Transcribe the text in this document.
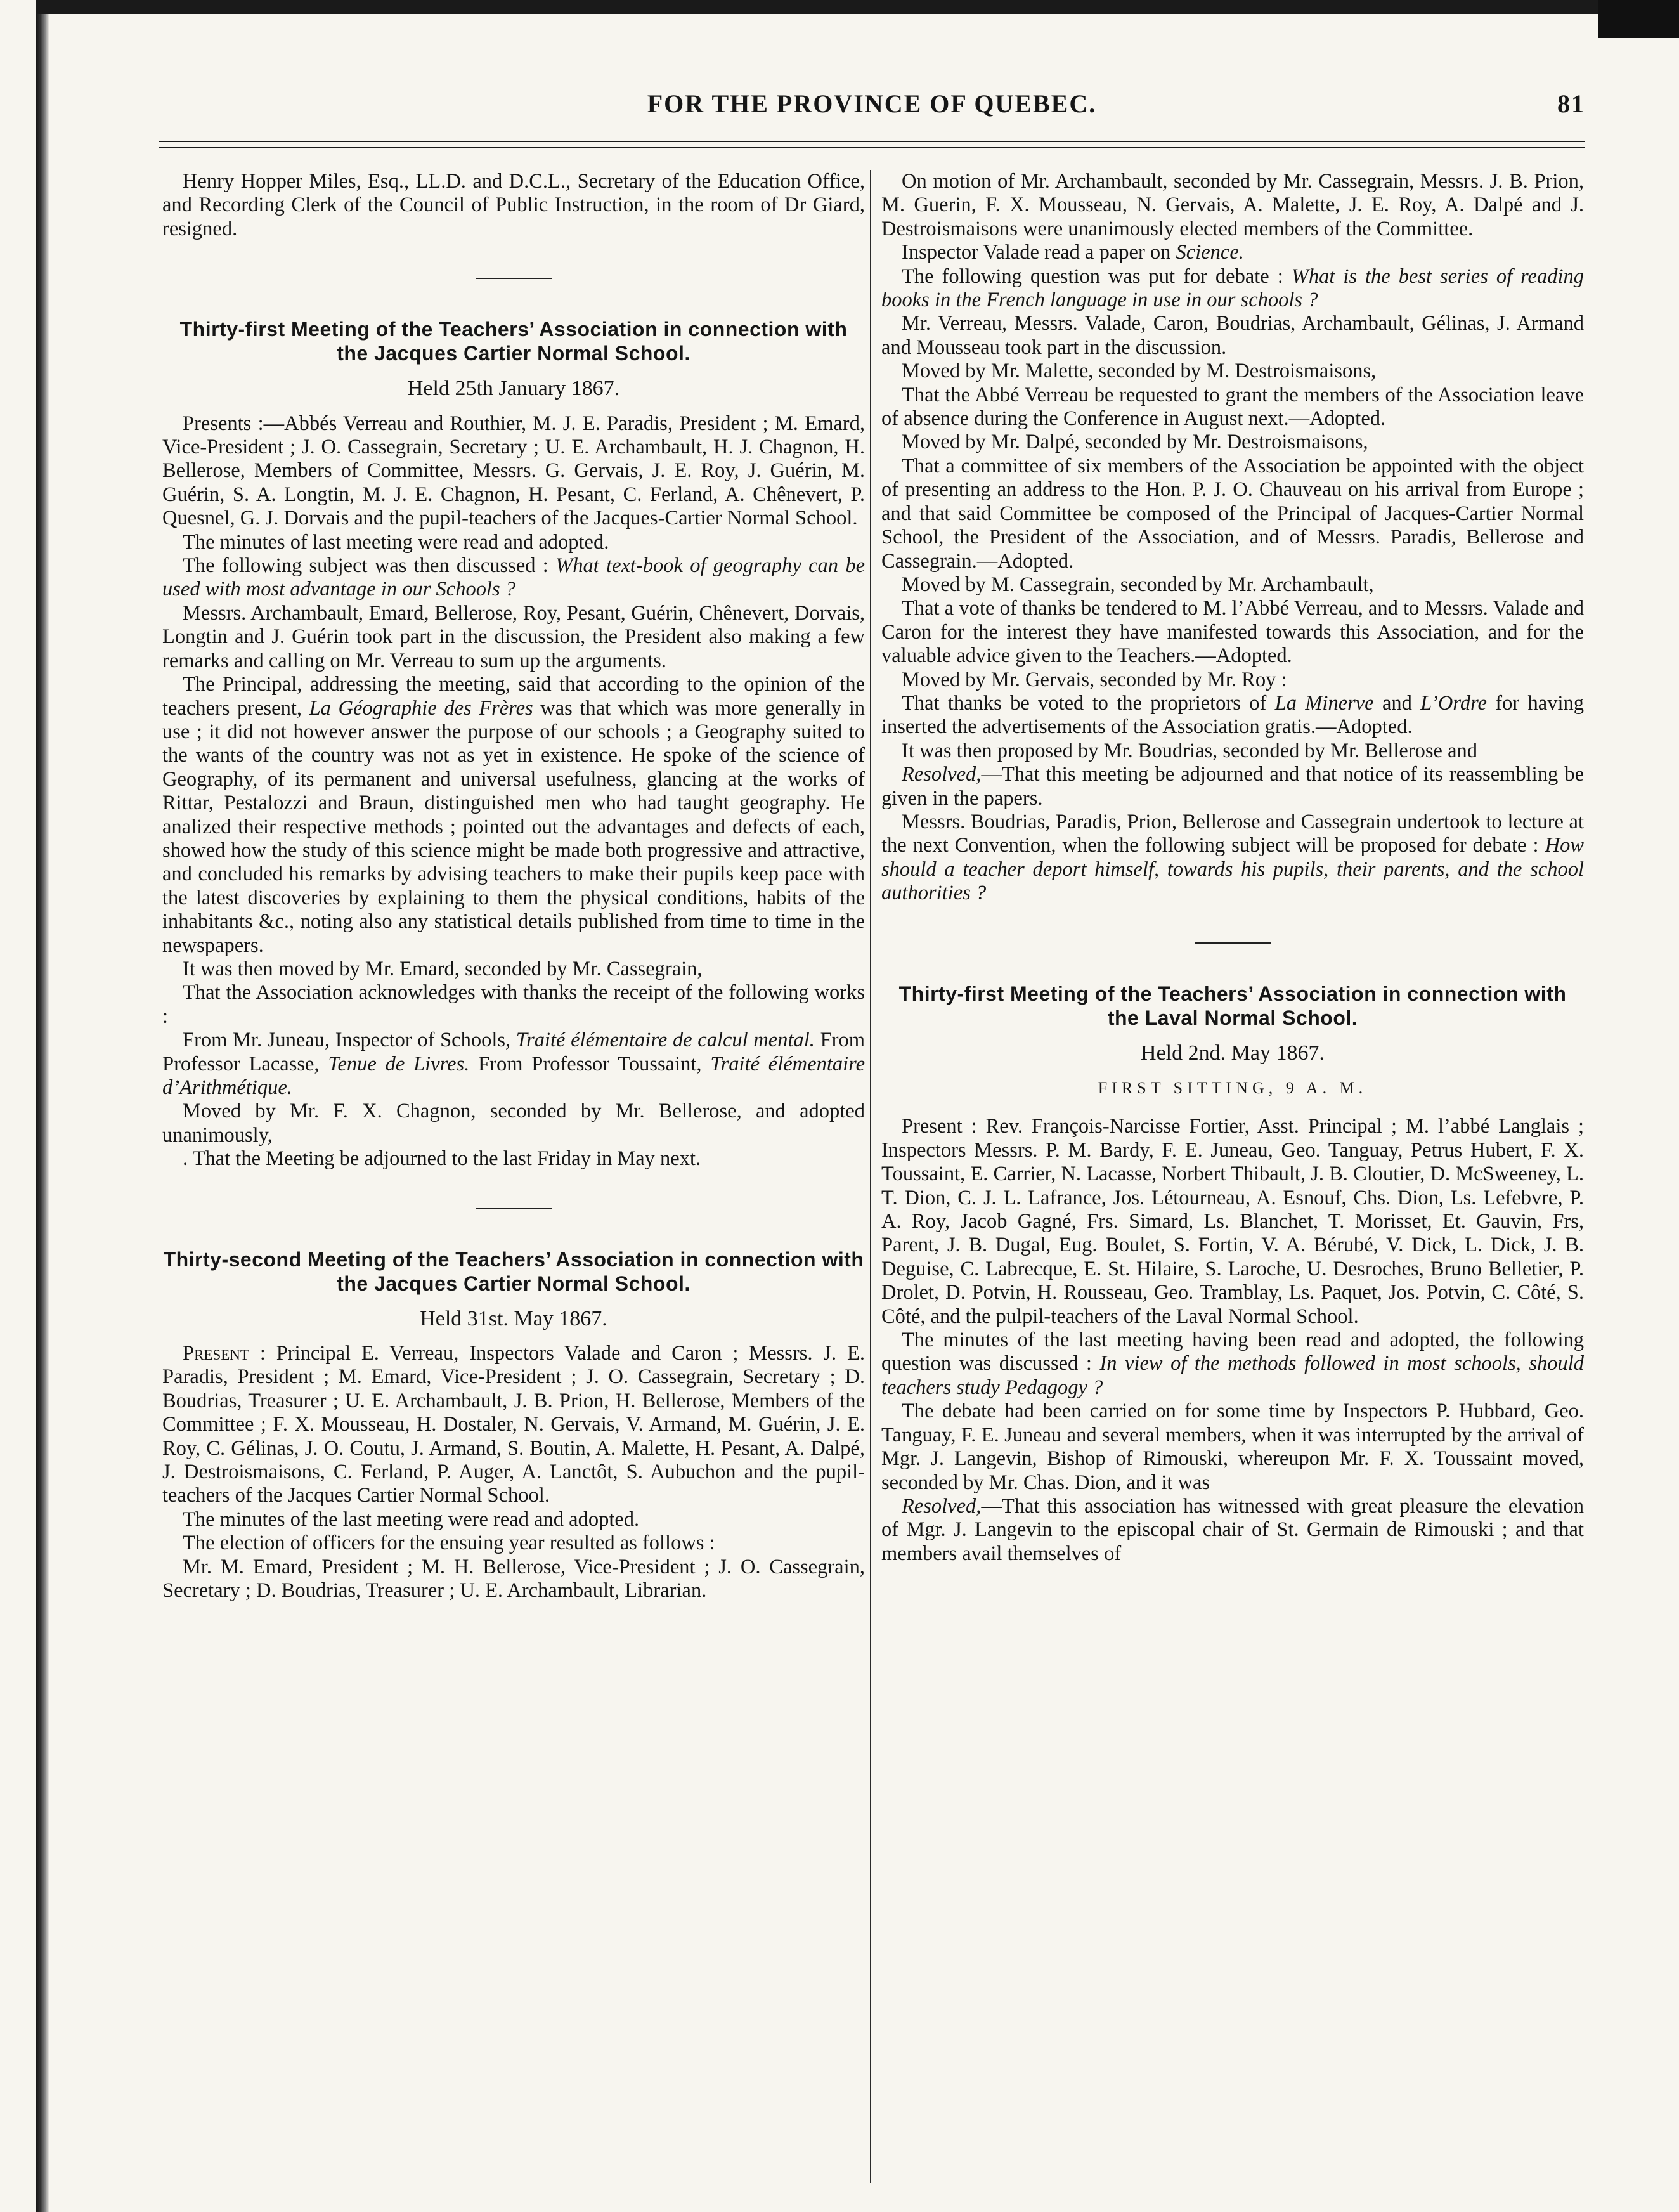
FOR THE PROVINCE OF QUEBEC.	81

Henry Hopper Miles, Esq., LL.D. and D.C.L., Secretary of the Education Office, and Recording Clerk of the Council of Public Instruction, in the room of Dr Giard, resigned.

Thirty-first Meeting of the Teachers’ Association in connection with the Jacques Cartier Normal School.

Held 25th January 1867.

Presents :—Abbés Verreau and Routhier, M. J. E. Paradis, President ; M. Emard, Vice-President ; J. O. Cassegrain, Secretary ; U. E. Archambault, H. J. Chagnon, H. Bellerose, Members of Committee, Messrs. G. Gervais, J. E. Roy, J. Guérin, M. Guérin, S. A. Longtin, M. J. E. Chagnon, H. Pesant, C. Ferland, A. Chênevert, P. Quesnel, G. J. Dorvais and the pupil-teachers of the Jacques-Cartier Normal School.

The minutes of last meeting were read and adopted.

The following subject was then discussed : What text-book of geography can be used with most advantage in our Schools ?

Messrs. Archambault, Emard, Bellerose, Roy, Pesant, Guérin, Chênevert, Dorvais, Longtin and J. Guérin took part in the discussion, the President also making a few remarks and calling on Mr. Verreau to sum up the arguments.

The Principal, addressing the meeting, said that according to the opinion of the teachers present, La Géographie des Frères was that which was more generally in use ; it did not however answer the purpose of our schools ; a Geography suited to the wants of the country was not as yet in existence. He spoke of the science of Geography, of its permanent and universal usefulness, glancing at the works of Rittar, Pestalozzi and Braun, distinguished men who had taught geography. He analized their respective methods ; pointed out the advantages and defects of each, showed how the study of this science might be made both progressive and attractive, and concluded his remarks by advising teachers to make their pupils keep pace with the latest discoveries by explaining to them the physical conditions, habits of the inhabitants &c., noting also any statistical details published from time to time in the newspapers.

It was then moved by Mr. Emard, seconded by Mr. Cassegrain,

That the Association acknowledges with thanks the receipt of the following works :

From Mr. Juneau, Inspector of Schools, Traité élémentaire de calcul mental. From Professor Lacasse, Tenue de Livres. From Professor Toussaint, Traité élémentaire d’Arithmétique.

Moved by Mr. F. X. Chagnon, seconded by Mr. Bellerose, and adopted unanimously,

. That the Meeting be adjourned to the last Friday in May next.

Thirty-second Meeting of the Teachers’ Association in connection with the Jacques Cartier Normal School.

Held 31st. May 1867.

Present : Principal E. Verreau, Inspectors Valade and Caron ; Messrs. J. E. Paradis, President ; M. Emard, Vice-President ; J. O. Cassegrain, Secretary ; D. Boudrias, Treasurer ; U. E. Archambault, J. B. Prion, H. Bellerose, Members of the Committee ; F. X. Mousseau, H. Dostaler, N. Gervais, V. Armand, M. Guérin, J. E. Roy, C. Gélinas, J. O. Coutu, J. Armand, S. Boutin, A. Malette, H. Pesant, A. Dalpé, J. Destroismaisons, C. Ferland, P. Auger, A. Lanctôt, S. Aubuchon and the pupil-teachers of the Jacques Cartier Normal School.

The minutes of the last meeting were read and adopted.

The election of officers for the ensuing year resulted as follows :

Mr. M. Emard, President ; M. H. Bellerose, Vice-President ; J. O. Cassegrain, Secretary ; D. Boudrias, Treasurer ; U. E. Archambault, Librarian.

On motion of Mr. Archambault, seconded by Mr. Cassegrain, Messrs. J. B. Prion, M. Guerin, F. X. Mousseau, N. Gervais, A. Malette, J. E. Roy, A. Dalpé and J. Destroismaisons were unanimously elected members of the Committee.

Inspector Valade read a paper on Science.

The following question was put for debate : What is the best series of reading books in the French language in use in our schools ?

Mr. Verreau, Messrs. Valade, Caron, Boudrias, Archambault, Gélinas, J. Armand and Mousseau took part in the discussion.

Moved by Mr. Malette, seconded by M. Destroismaisons,

That the Abbé Verreau be requested to grant the members of the Association leave of absence during the Conference in August next.—Adopted.

Moved by Mr. Dalpé, seconded by Mr. Destroismaisons,

That a committee of six members of the Association be appointed with the object of presenting an address to the Hon. P. J. O. Chauveau on his arrival from Europe ; and that said Committee be composed of the Principal of Jacques-Cartier Normal School, the President of the Association, and of Messrs. Paradis, Bellerose and Cassegrain.—Adopted.

Moved by M. Cassegrain, seconded by Mr. Archambault,

That a vote of thanks be tendered to M. l’Abbé Verreau, and to Messrs. Valade and Caron for the interest they have manifested towards this Association, and for the valuable advice given to the Teachers.—Adopted.

Moved by Mr. Gervais, seconded by Mr. Roy :

That thanks be voted to the proprietors of La Minerve and L’Ordre for having inserted the advertisements of the Association gratis.—Adopted.

It was then proposed by Mr. Boudrias, seconded by Mr. Bellerose and

Resolved,—That this meeting be adjourned and that notice of its reassembling be given in the papers.

Messrs. Boudrias, Paradis, Prion, Bellerose and Cassegrain undertook to lecture at the next Convention, when the following subject will be proposed for debate : How should a teacher deport himself, towards his pupils, their parents, and the school authorities ?

Thirty-first Meeting of the Teachers’ Association in connection with the Laval Normal School.

Held 2nd. May 1867.

FIRST SITTING, 9 A. M.

Present : Rev. François-Narcisse Fortier, Asst. Principal ; M. l’abbé Langlais ; Inspectors Messrs. P. M. Bardy, F. E. Juneau, Geo. Tanguay, Petrus Hubert, F. X. Toussaint, E. Carrier, N. Lacasse, Norbert Thibault, J. B. Cloutier, D. McSweeney, L. T. Dion, C. J. L. Lafrance, Jos. Létourneau, A. Esnouf, Chs. Dion, Ls. Lefebvre, P. A. Roy, Jacob Gagné, Frs. Simard, Ls. Blanchet, T. Morisset, Et. Gauvin, Frs, Parent, J. B. Dugal, Eug. Boulet, S. Fortin, V. A. Bérubé, V. Dick, L. Dick, J. B. Deguise, C. Labrecque, E. St. Hilaire, S. Laroche, U. Desroches, Bruno Belletier, P. Drolet, D. Potvin, H. Rousseau, Geo. Tramblay, Ls. Paquet, Jos. Potvin, C. Côté, S. Côté, and the pulpil-teachers of the Laval Normal School.

The minutes of the last meeting having been read and adopted, the following question was discussed : In view of the methods followed in most schools, should teachers study Pedagogy ?

The debate had been carried on for some time by Inspectors P. Hubbard, Geo. Tanguay, F. E. Juneau and several members, when it was interrupted by the arrival of Mgr. J. Langevin, Bishop of Rimouski, whereupon Mr. F. X. Toussaint moved, seconded by Mr. Chas. Dion, and it was

Resolved,—That this association has witnessed with great pleasure the elevation of Mgr. J. Langevin to the episcopal chair of St. Germain de Rimouski ; and that members avail themselves of
